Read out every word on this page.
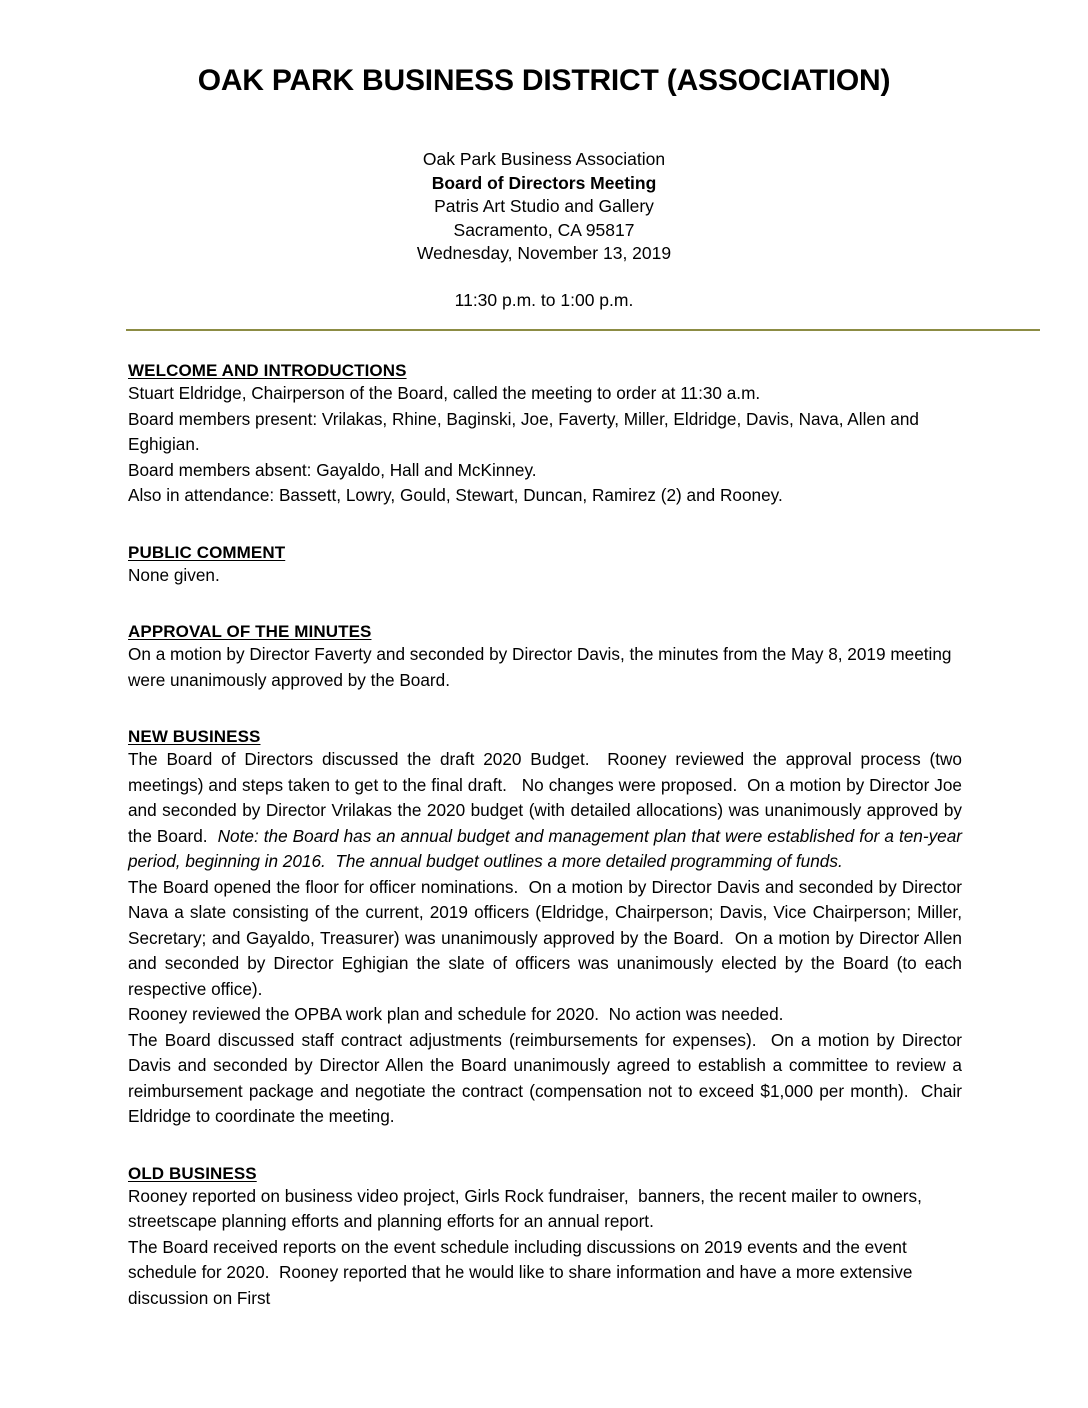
OAK PARK BUSINESS DISTRICT (ASSOCIATION)
Oak Park Business Association
Board of Directors Meeting
Patris Art Studio and Gallery
Sacramento, CA 95817
Wednesday, November 13, 2019
11:30 p.m. to 1:00 p.m.
WELCOME AND INTRODUCTIONS

Stuart Eldridge, Chairperson of the Board, called the meeting to order at 11:30 a.m.

Board members present: Vrilakas, Rhine, Baginski, Joe, Faverty, Miller, Eldridge, Davis, Nava, Allen and Eghigian.

Board members absent: Gayaldo, Hall and McKinney.

Also in attendance: Bassett, Lowry, Gould, Stewart, Duncan, Ramirez (2) and Rooney.

PUBLIC COMMENT

None given.

APPROVAL OF THE MINUTES

On a motion by Director Faverty and seconded by Director Davis, the minutes from the May 8, 2019 meeting were unanimously approved by the Board.

NEW BUSINESS

The Board of Directors discussed the draft 2020 Budget.  Rooney reviewed the approval process (two meetings) and steps taken to get to the final draft.   No changes were proposed.  On a motion by Director Joe and seconded by Director Vrilakas the 2020 budget (with detailed allocations) was unanimously approved by the Board.  Note: the Board has an annual budget and management plan that were established for a ten-year period, beginning in 2016.  The annual budget outlines a more detailed programming of funds.

The Board opened the floor for officer nominations.  On a motion by Director Davis and seconded by Director Nava a slate consisting of the current, 2019 officers (Eldridge, Chairperson; Davis, Vice Chairperson; Miller, Secretary; and Gayaldo, Treasurer) was unanimously approved by the Board.  On a motion by Director Allen and seconded by Director Eghigian the slate of officers was unanimously elected by the Board (to each respective office).

Rooney reviewed the OPBA work plan and schedule for 2020.  No action was needed.

The Board discussed staff contract adjustments (reimbursements for expenses).  On a motion by Director Davis and seconded by Director Allen the Board unanimously agreed to establish a committee to review a reimbursement package and negotiate the contract (compensation not to exceed $1,000 per month).  Chair Eldridge to coordinate the meeting.

OLD BUSINESS

Rooney reported on business video project, Girls Rock fundraiser,  banners, the recent mailer to owners, streetscape planning efforts and planning efforts for an annual report.

The Board received reports on the event schedule including discussions on 2019 events and the event schedule for 2020.  Rooney reported that he would like to share information and have a more extensive discussion on First
